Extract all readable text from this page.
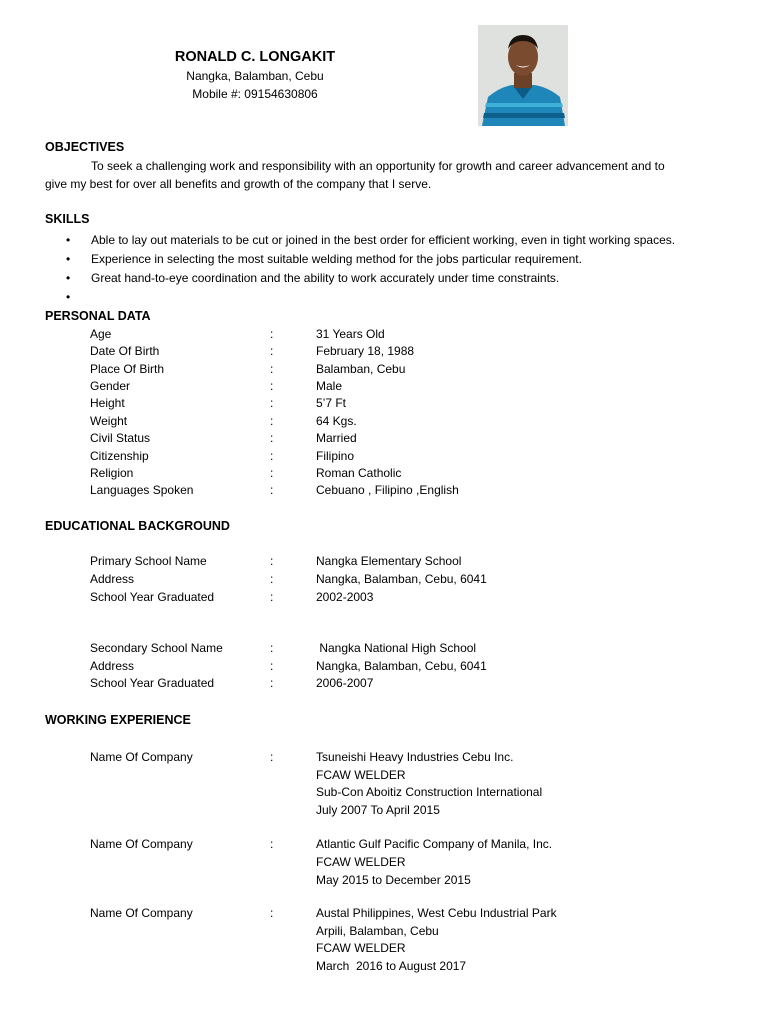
RONALD C. LONGAKIT
Nangka, Balamban, Cebu
Mobile #: 09154630806
OBJECTIVES
To seek a challenging work and responsibility with an opportunity for growth and career advancement and to
give my best for over all benefits and growth of the company that I serve.
SKILLS
• Able to lay out materials to be cut or joined in the best order for efficient working, even in tight working spaces.
• Experience in selecting the most suitable welding method for the jobs particular requirement.
• Great hand-to-eye coordination and the ability to work accurately under time constraints.
•
PERSONAL DATA
Age	:	31 Years Old
Date Of Birth	:	February 18, 1988
Place Of Birth	:	Balamban, Cebu
Gender	:	Male
Height	:	5’7 Ft
Weight	:	64 Kgs.
Civil Status	:	Married
Citizenship	:	Filipino
Religion	:	Roman Catholic
Languages Spoken	:	Cebuano , Filipino ,English
EDUCATIONAL BACKGROUND
Primary School Name	:	Nangka Elementary School
Address	:	Nangka, Balamban, Cebu, 6041
School Year Graduated	:	2002-2003
Secondary School Name	:	Nangka National High School
Address	:	Nangka, Balamban, Cebu, 6041
School Year Graduated	:	2006-2007
WORKING EXPERIENCE
Name Of Company	:	Tsuneishi Heavy Industries Cebu Inc.
FCAW WELDER
Sub-Con Aboitiz Construction International
July 2007 To April 2015
Name Of Company	:	Atlantic Gulf Pacific Company of Manila, Inc.
FCAW WELDER
May 2015 to December 2015
Name Of Company	:	Austal Philippines, West Cebu Industrial Park
Arpili, Balamban, Cebu
FCAW WELDER
March  2016 to August 2017
